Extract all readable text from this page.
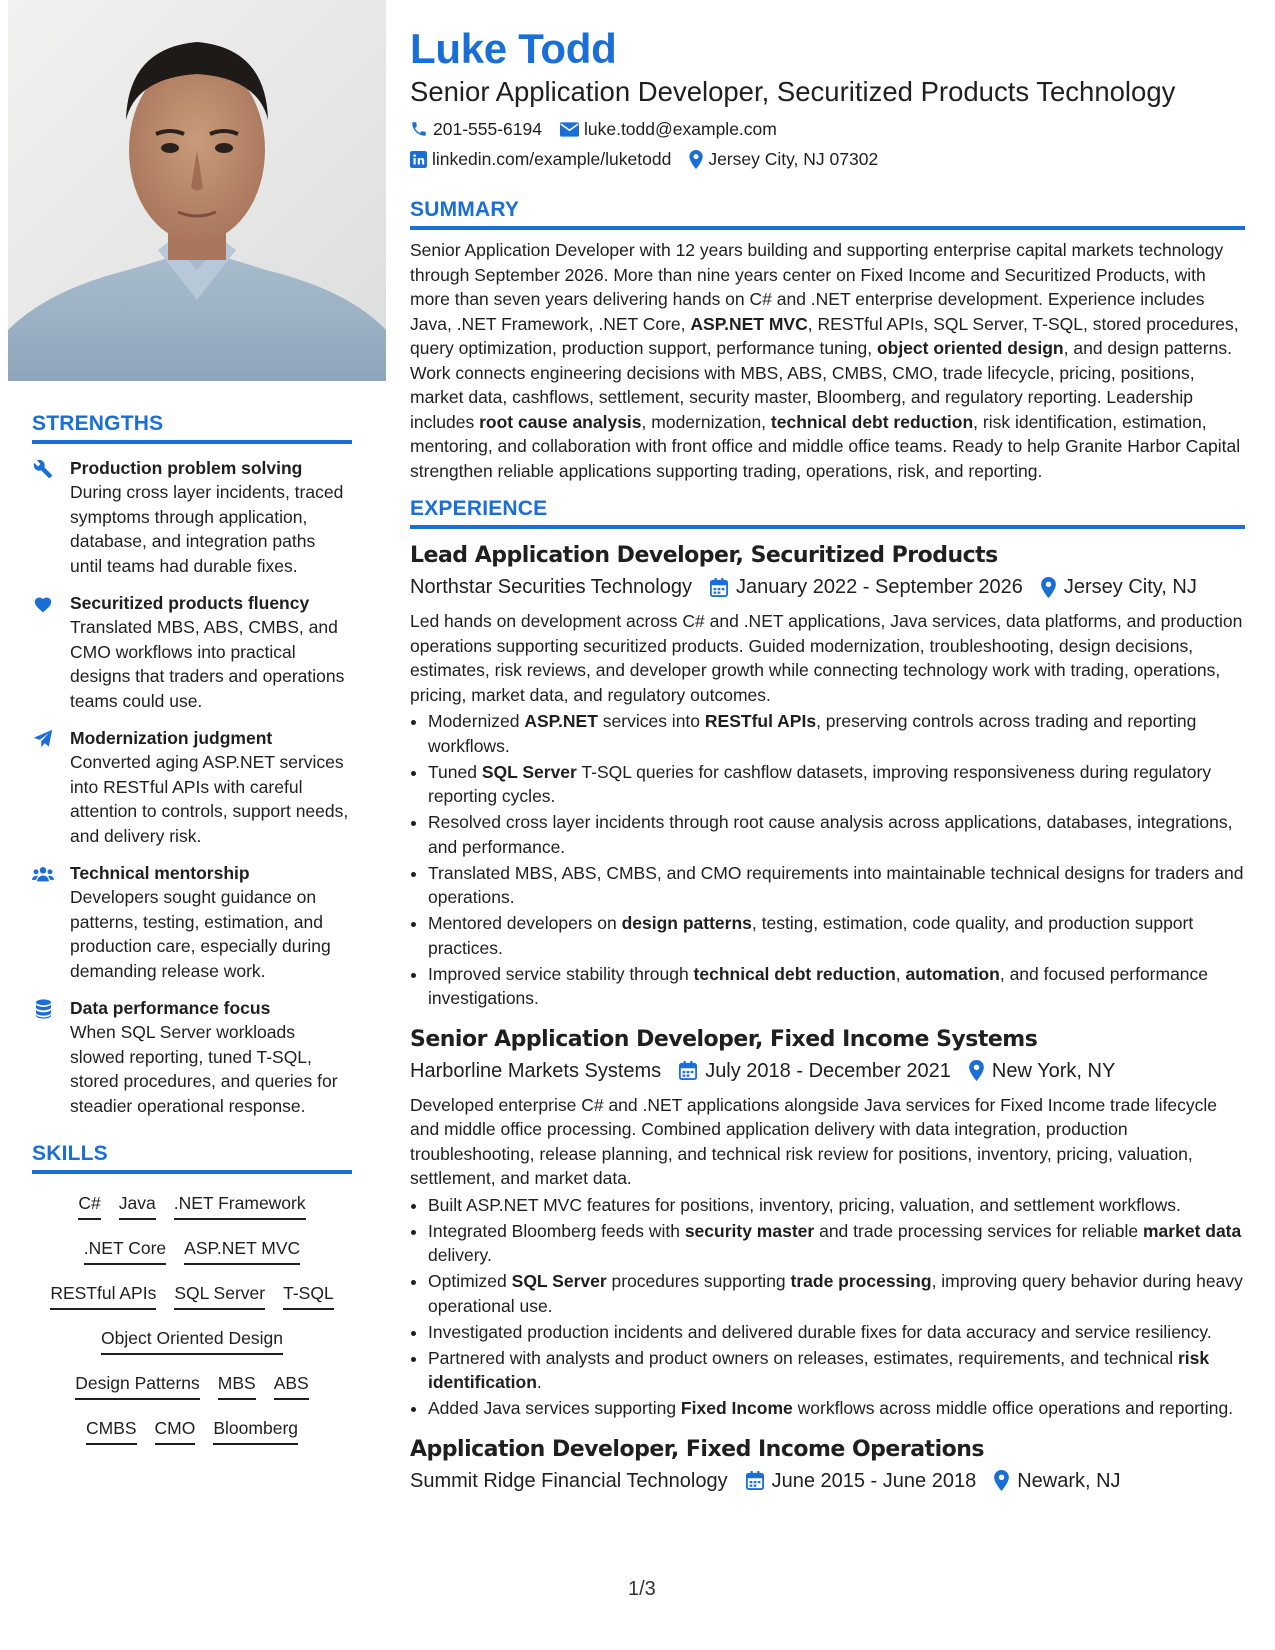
STRENGTHS
Production problem solving
During cross layer incidents, traced symptoms through application, database, and integration paths until teams had durable fixes.
Securitized products fluency
Translated MBS, ABS, CMBS, and CMO workflows into practical designs that traders and operations teams could use.
Modernization judgment
Converted aging ASP.NET services into RESTful APIs with careful attention to controls, support needs, and delivery risk.
Technical mentorship
Developers sought guidance on patterns, testing, estimation, and production care, especially during demanding release work.
Data performance focus
When SQL Server workloads slowed reporting, tuned T-SQL, stored procedures, and queries for steadier operational response.
SKILLS
C# Java .NET Framework
.NET Core ASP.NET MVC
RESTful APIs SQL Server T-SQL
Object Oriented Design
Design Patterns MBS ABS
CMBS CMO Bloomberg
Luke Todd
Senior Application Developer, Securitized Products Technology
201-555-6194 luke.todd@example.com
linkedin.com/example/luketodd Jersey City, NJ 07302
SUMMARY

Senior Application Developer with 12 years building and supporting enterprise capital markets technology through September 2026. More than nine years center on Fixed Income and Securitized Products, with more than seven years delivering hands on C# and .NET enterprise development. Experience includes Java, .NET Framework, .NET Core, ASP.NET MVC, RESTful APIs, SQL Server, T-SQL, stored procedures, query optimization, production support, performance tuning, object oriented design, and design patterns. Work connects engineering decisions with MBS, ABS, CMBS, CMO, trade lifecycle, pricing, positions, market data, cashflows, settlement, security master, Bloomberg, and regulatory reporting. Leadership includes root cause analysis, modernization, technical debt reduction, risk identification, estimation, mentoring, and collaboration with front office and middle office teams. Ready to help Granite Harbor Capital strengthen reliable applications supporting trading, operations, risk, and reporting.

EXPERIENCE
Lead Application Developer, Securitized Products
Northstar Securities Technology January 2022 - September 2026 Jersey City, NJ

Led hands on development across C# and .NET applications, Java services, data platforms, and production operations supporting securitized products. Guided modernization, troubleshooting, design decisions, estimates, risk reviews, and developer growth while connecting technology work with trading, operations, pricing, market data, and regulatory outcomes.

• Modernized ASP.NET services into RESTful APIs, preserving controls across trading and reporting workflows.
• Tuned SQL Server T-SQL queries for cashflow datasets, improving responsiveness during regulatory reporting cycles.
• Resolved cross layer incidents through root cause analysis across applications, databases, integrations, and performance.
• Translated MBS, ABS, CMBS, and CMO requirements into maintainable technical designs for traders and operations.
• Mentored developers on design patterns, testing, estimation, code quality, and production support practices.
• Improved service stability through technical debt reduction, automation, and focused performance investigations.
Senior Application Developer, Fixed Income Systems
Harborline Markets Systems July 2018 - December 2021 New York, NY

Developed enterprise C# and .NET applications alongside Java services for Fixed Income trade lifecycle and middle office processing. Combined application delivery with data integration, production troubleshooting, release planning, and technical risk review for positions, inventory, pricing, valuation, settlement, and market data.

• Built ASP.NET MVC features for positions, inventory, pricing, valuation, and settlement workflows.
• Integrated Bloomberg feeds with security master and trade processing services for reliable market data delivery.
• Optimized SQL Server procedures supporting trade processing, improving query behavior during heavy operational use.
• Investigated production incidents and delivered durable fixes for data accuracy and service resiliency.
• Partnered with analysts and product owners on releases, estimates, requirements, and technical risk identification.
• Added Java services supporting Fixed Income workflows across middle office operations and reporting.
Application Developer, Fixed Income Operations
Summit Ridge Financial Technology June 2015 - June 2018 Newark, NJ
1/3
